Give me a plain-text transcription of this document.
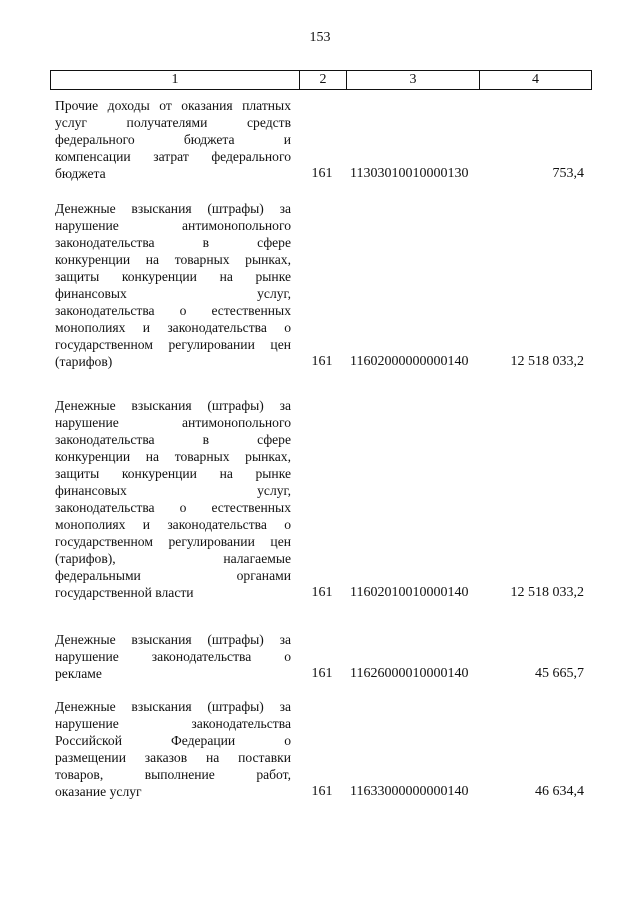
153
1	2	3	4
Прочие доходы от оказания платных
услуг получателями средств
федерального бюджета и
компенсации затрат федерального
бюджета	161	11303010010000130	753,4
Денежные взыскания (штрафы) за
нарушение антимонопольного
законодательства в сфере
конкуренции на товарных рынках,
защиты конкуренции на рынке
финансовых услуг,
законодательства о естественных
монополиях и законодательства о
государственном регулировании цен
(тарифов)	161	11602000000000140	12 518 033,2
Денежные взыскания (штрафы) за
нарушение антимонопольного
законодательства в сфере
конкуренции на товарных рынках,
защиты конкуренции на рынке
финансовых услуг,
законодательства о естественных
монополиях и законодательства о
государственном регулировании цен
(тарифов), налагаемые
федеральными органами
государственной власти	161	11602010010000140	12 518 033,2
Денежные взыскания (штрафы) за
нарушение законодательства о
рекламе	161	11626000010000140	45 665,7
Денежные взыскания (штрафы) за
нарушение законодательства
Российской Федерации о
размещении заказов на поставки
товаров, выполнение работ,
оказание услуг	161	11633000000000140	46 634,4
